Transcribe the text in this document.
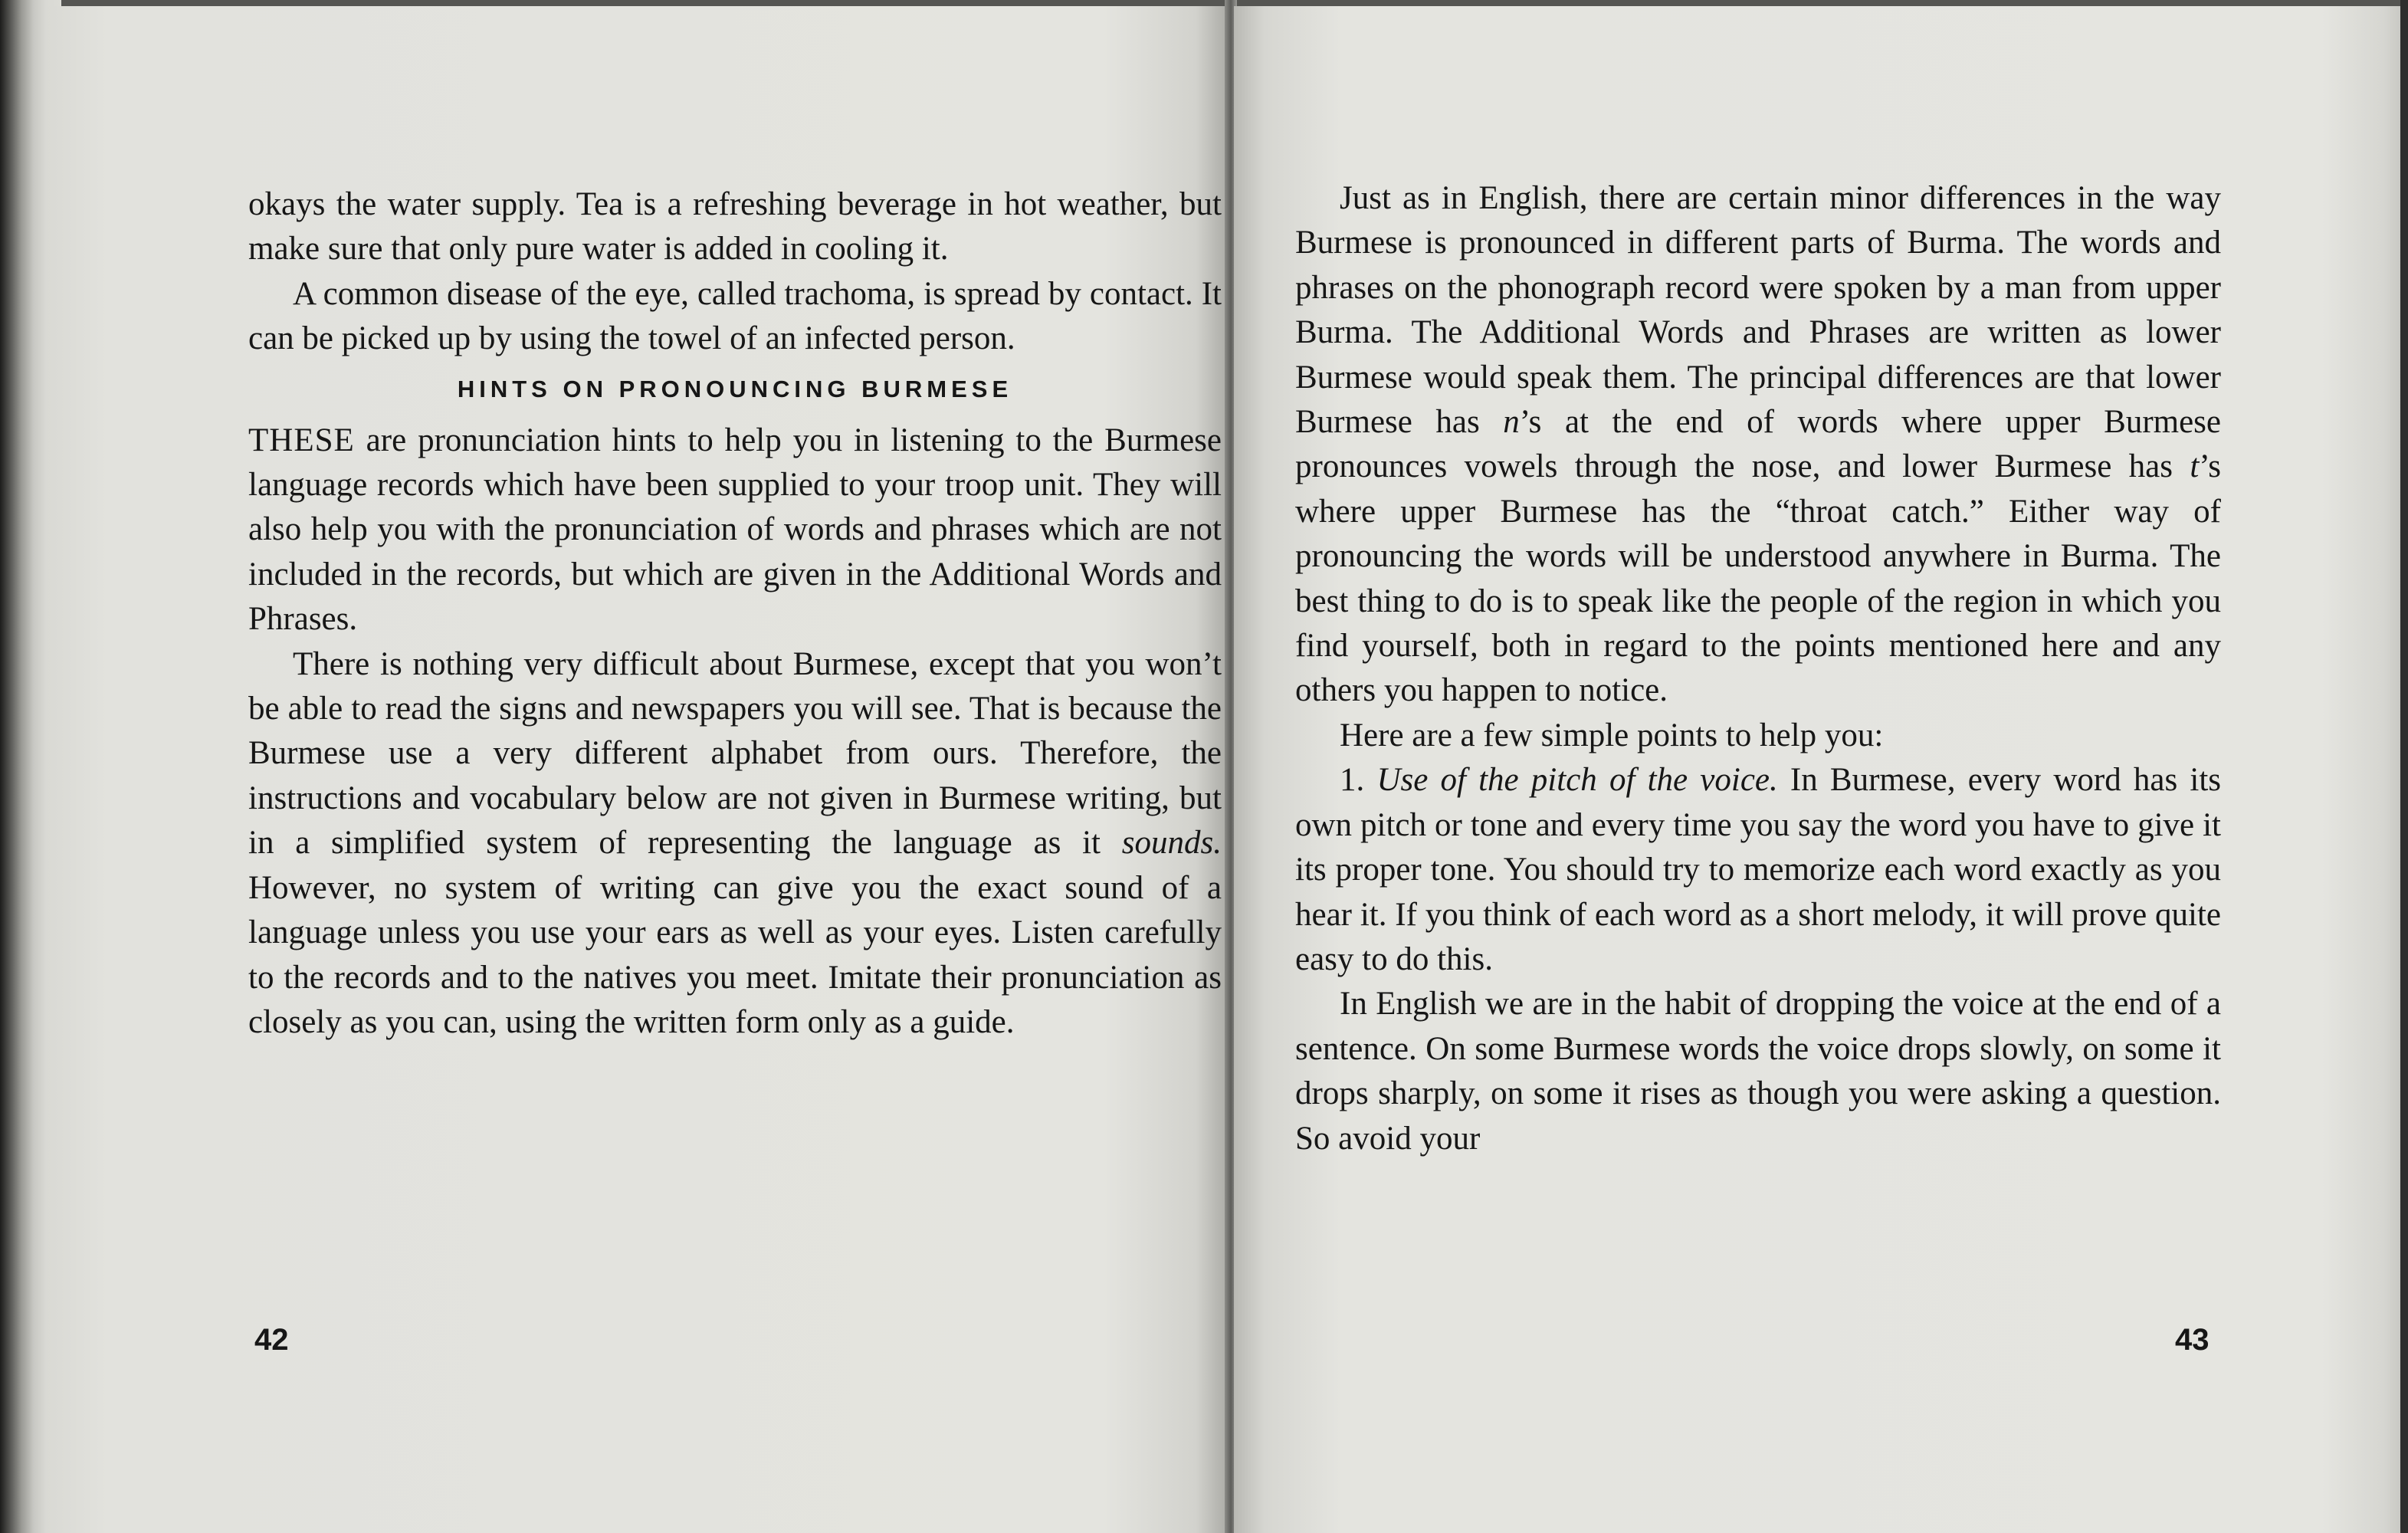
okays the water supply. Tea is a refreshing beverage in hot weather, but make sure that only pure water is added in cooling it.

A common disease of the eye, called trachoma, is spread by contact. It can be picked up by using the towel of an infected person.

HINTS ON PRONOUNCING BURMESE

THESE are pronunciation hints to help you in listening to the Burmese language records which have been supplied to your troop unit. They will also help you with the pronunciation of words and phrases which are not included in the records, but which are given in the Additional Words and Phrases.

There is nothing very difficult about Burmese, except that you won’t be able to read the signs and newspapers you will see. That is because the Burmese use a very different alphabet from ours. Therefore, the instructions and vocabulary below are not given in Burmese writing, but in a simplified system of representing the language as it sounds. However, no system of writing can give you the exact sound of a language unless you use your ears as well as your eyes. Listen carefully to the records and to the natives you meet. Imitate their pronunciation as closely as you can, using the written form only as a guide.

42

Just as in English, there are certain minor differences in the way Burmese is pronounced in different parts of Burma. The words and phrases on the phonograph record were spoken by a man from upper Burma. The Additional Words and Phrases are written as lower Burmese would speak them. The principal differences are that lower Burmese has n’s at the end of words where upper Burmese pronounces vowels through the nose, and lower Burmese has t’s where upper Burmese has the “throat catch.” Either way of pronouncing the words will be understood anywhere in Burma. The best thing to do is to speak like the people of the region in which you find yourself, both in regard to the points mentioned here and any others you happen to notice.

Here are a few simple points to help you:

1. Use of the pitch of the voice. In Burmese, every word has its own pitch or tone and every time you say the word you have to give it its proper tone. You should try to memorize each word exactly as you hear it. If you think of each word as a short melody, it will prove quite easy to do this.

In English we are in the habit of dropping the voice at the end of a sentence. On some Burmese words the voice drops slowly, on some it drops sharply, on some it rises as though you were asking a question. So avoid your

43
